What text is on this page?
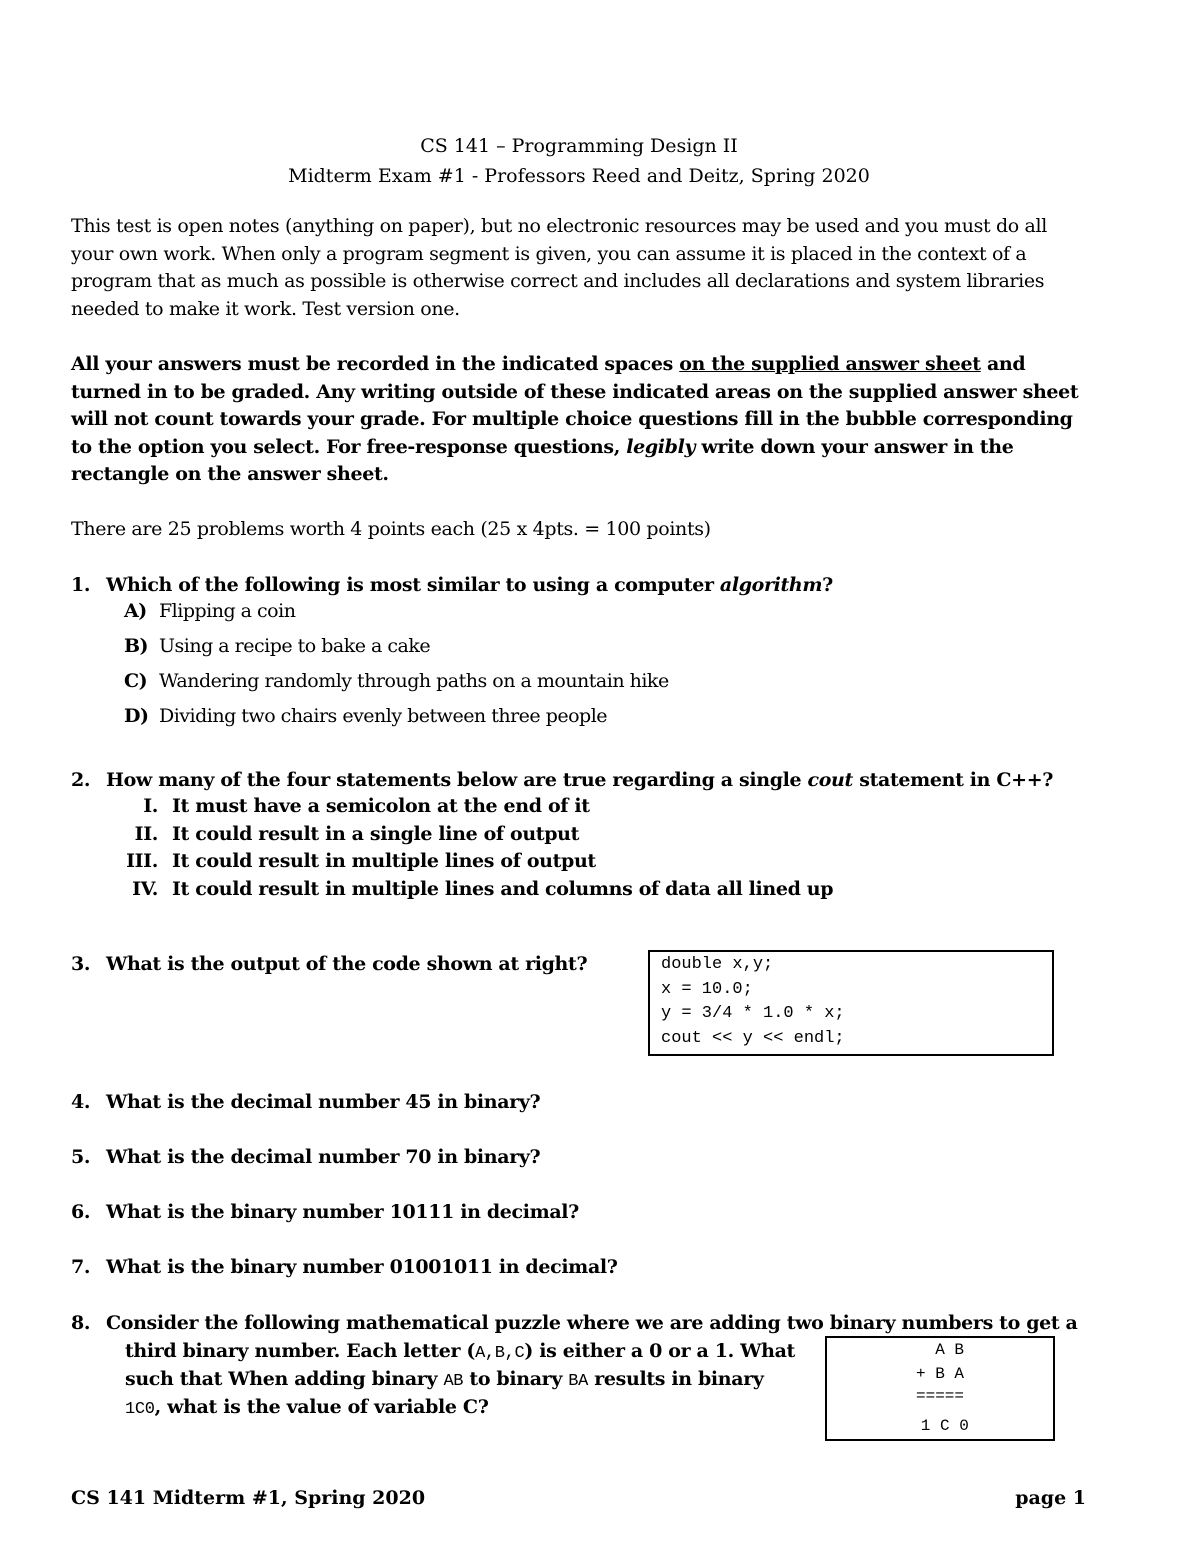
CS 141 – Programming Design II
Midterm Exam #1 - Professors Reed and Deitz, Spring 2020

This test is open notes (anything on paper), but no electronic resources may be used and you must do all your own work. When only a program segment is given, you can assume it is placed in the context of a program that as much as possible is otherwise correct and includes all declarations and system libraries needed to make it work. Test version one.

All your answers must be recorded in the indicated spaces on the supplied answer sheet and turned in to be graded. Any writing outside of these indicated areas on the supplied answer sheet will not count towards your grade. For multiple choice questions fill in the bubble corresponding to the option you select. For free-response questions, legibly write down your answer in the rectangle on the answer sheet.

There are 25 problems worth 4 points each (25 x 4pts. = 100 points)
1. Which of the following is most similar to using a computer algorithm?
A) Flipping a coin
B) Using a recipe to bake a cake
C) Wandering randomly through paths on a mountain hike
D) Dividing two chairs evenly between three people
2. How many of the four statements below are true regarding a single cout statement in C++?
I. It must have a semicolon at the end of it
II. It could result in a single line of output
III. It could result in multiple lines of output
IV. It could result in multiple lines and columns of data all lined up
3. What is the output of the code shown at right?	double x,y;
x = 10.0;
y = 3/4 * 1.0 * x;
cout << y << endl;
4. What is the decimal number 45 in binary?
5. What is the decimal number 70 in binary?
6. What is the binary number 10111 in decimal?
7. What is the binary number 01001011 in decimal?
A B
+ B A
=====
1 C 0
8. Consider the following mathematical puzzle where we are adding two binary numbers to get a
third binary number. Each letter (A,B,C) is either a 0 or a 1. What
such that When adding binary AB to binary BA results in binary
1C0, what is the value of variable C?
CS 141 Midterm #1, Spring 2020	page 1
